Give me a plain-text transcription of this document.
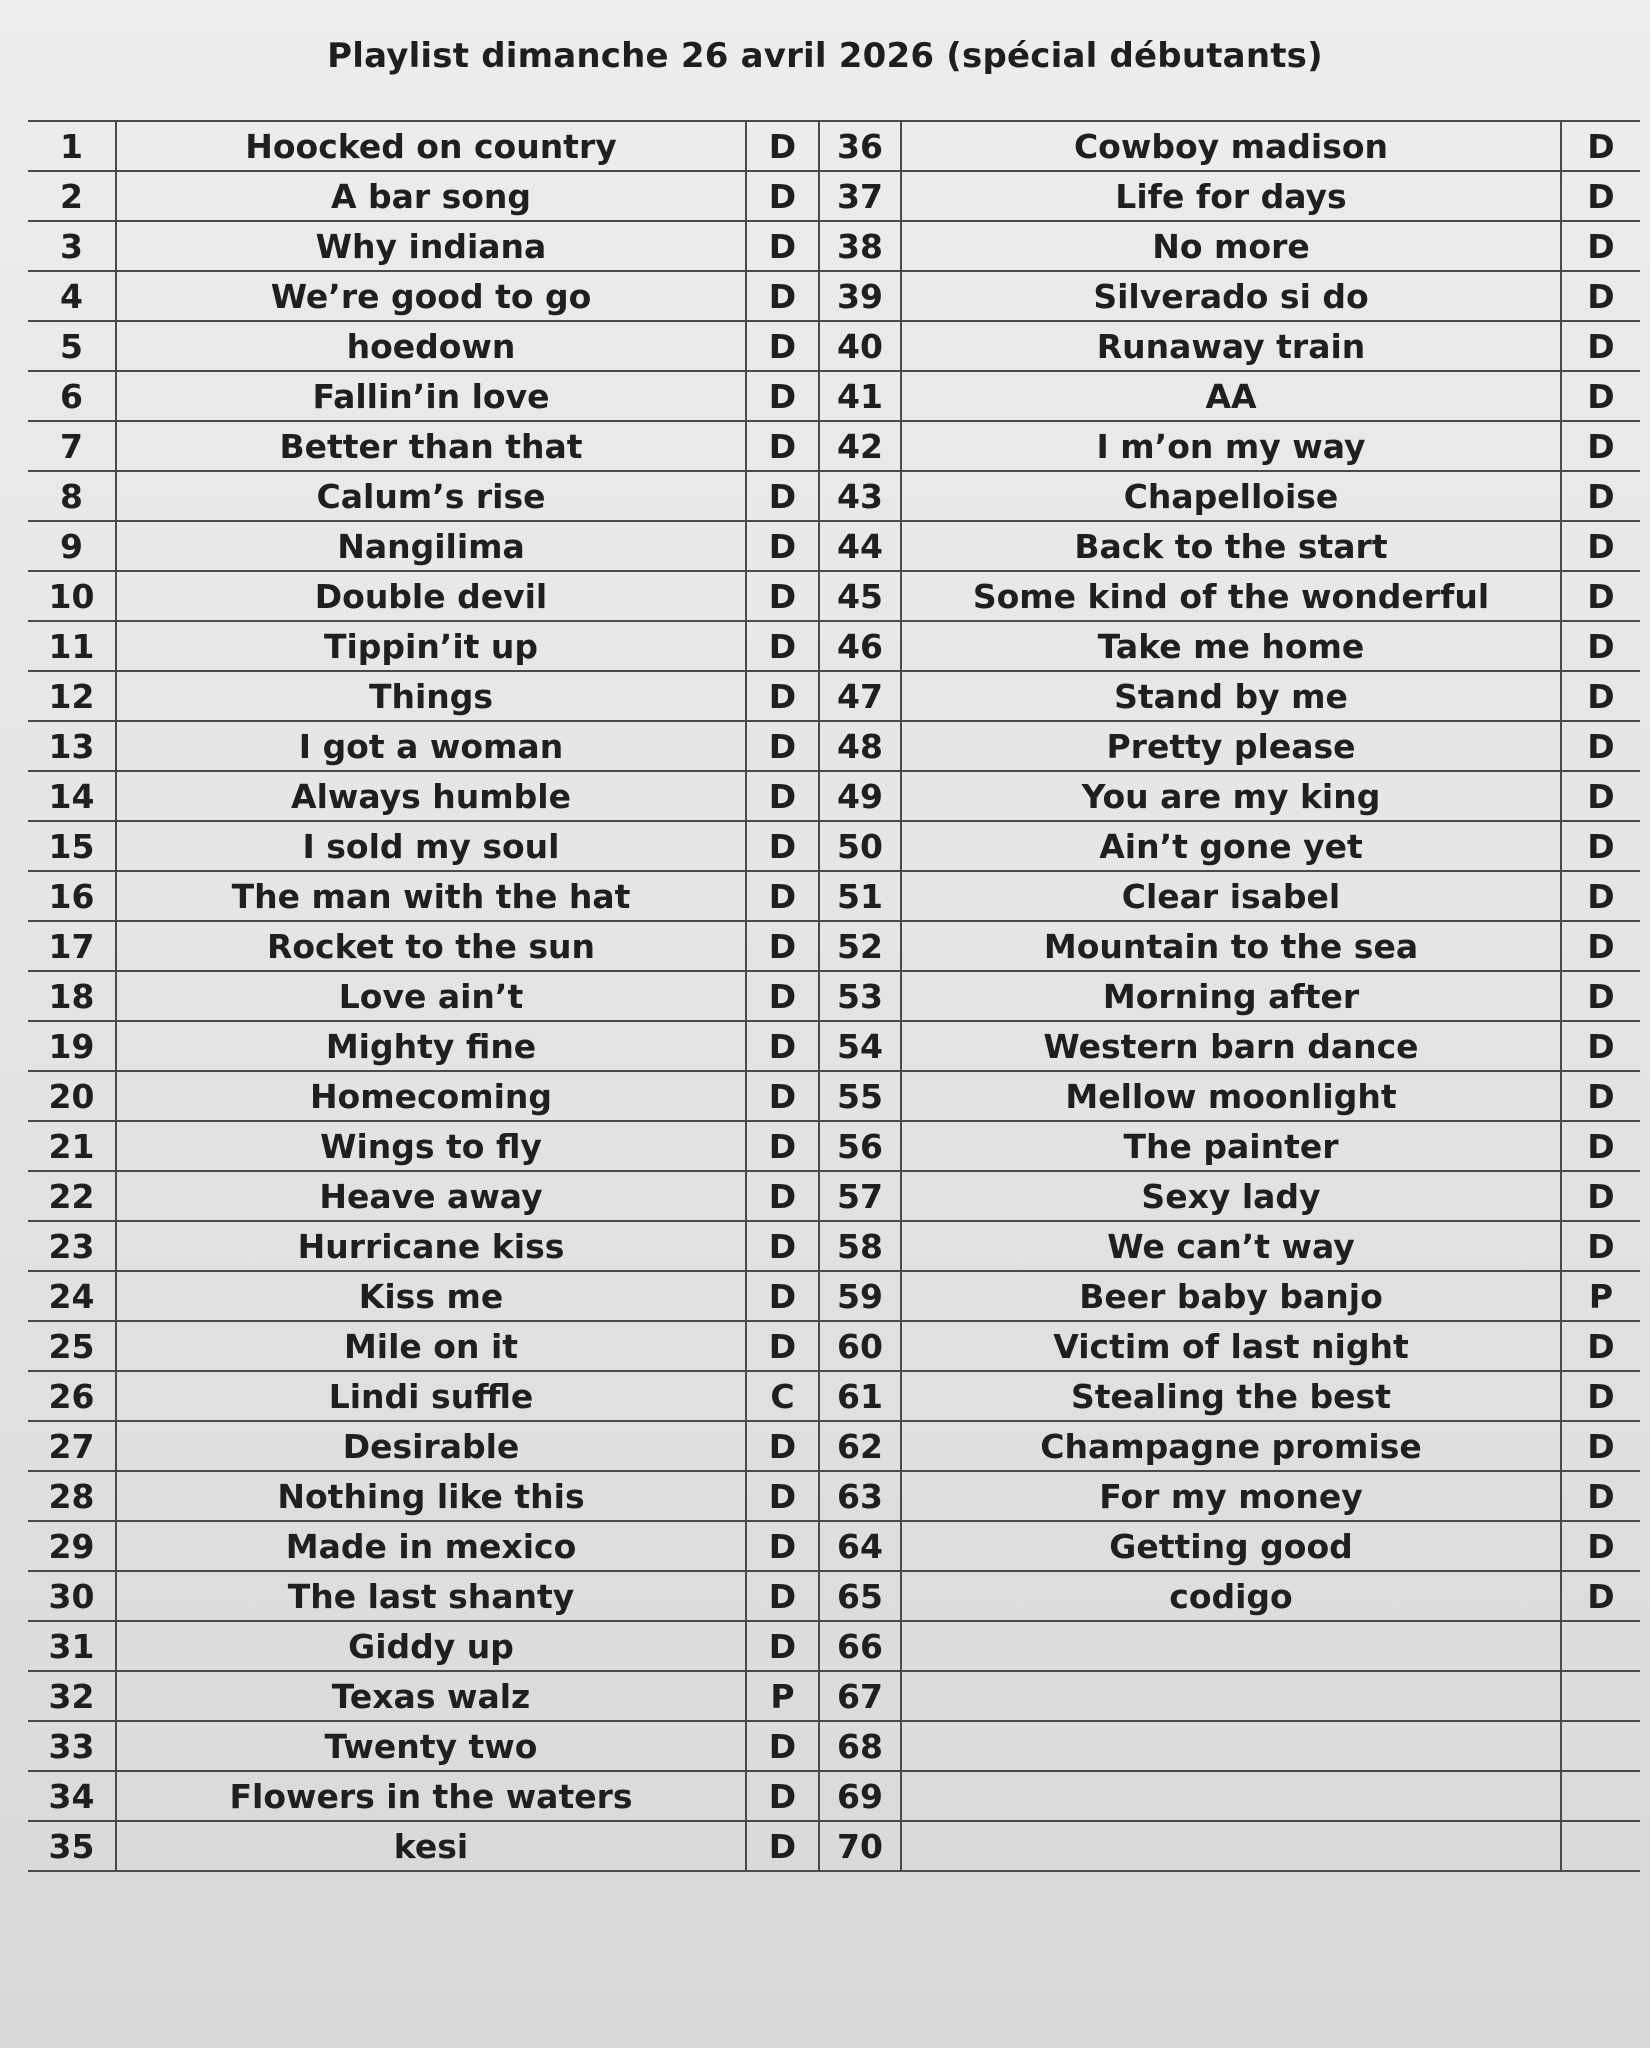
Playlist dimanche 26 avril 2026 (spécial débutants)
1	Hoocked on country	D	36	Cowboy madison	D
2	A bar song	D	37	Life for days	D
3	Why indiana	D	38	No more	D
4	We’re good to go	D	39	Silverado si do	D
5	hoedown	D	40	Runaway train	D
6	Fallin’in love	D	41	AA	D
7	Better than that	D	42	I m’on my way	D
8	Calum’s rise	D	43	Chapelloise	D
9	Nangilima	D	44	Back to the start	D
10	Double devil	D	45	Some kind of the wonderful	D
11	Tippin’it up	D	46	Take me home	D
12	Things	D	47	Stand by me	D
13	I got a woman	D	48	Pretty please	D
14	Always humble	D	49	You are my king	D
15	I sold my soul	D	50	Ain’t gone yet	D
16	The man with the hat	D	51	Clear isabel	D
17	Rocket to the sun	D	52	Mountain to the sea	D
18	Love ain’t	D	53	Morning after	D
19	Mighty fine	D	54	Western barn dance	D
20	Homecoming	D	55	Mellow moonlight	D
21	Wings to fly	D	56	The painter	D
22	Heave away	D	57	Sexy lady	D
23	Hurricane kiss	D	58	We can’t way	D
24	Kiss me	D	59	Beer baby banjo	P
25	Mile on it	D	60	Victim of last night	D
26	Lindi suffle	C	61	Stealing the best	D
27	Desirable	D	62	Champagne promise	D
28	Nothing like this	D	63	For my money	D
29	Made in mexico	D	64	Getting good	D
30	The last shanty	D	65	codigo	D
31	Giddy up	D	66		
32	Texas walz	P	67		
33	Twenty two	D	68		
34	Flowers in the waters	D	69		
35	kesi	D	70		
